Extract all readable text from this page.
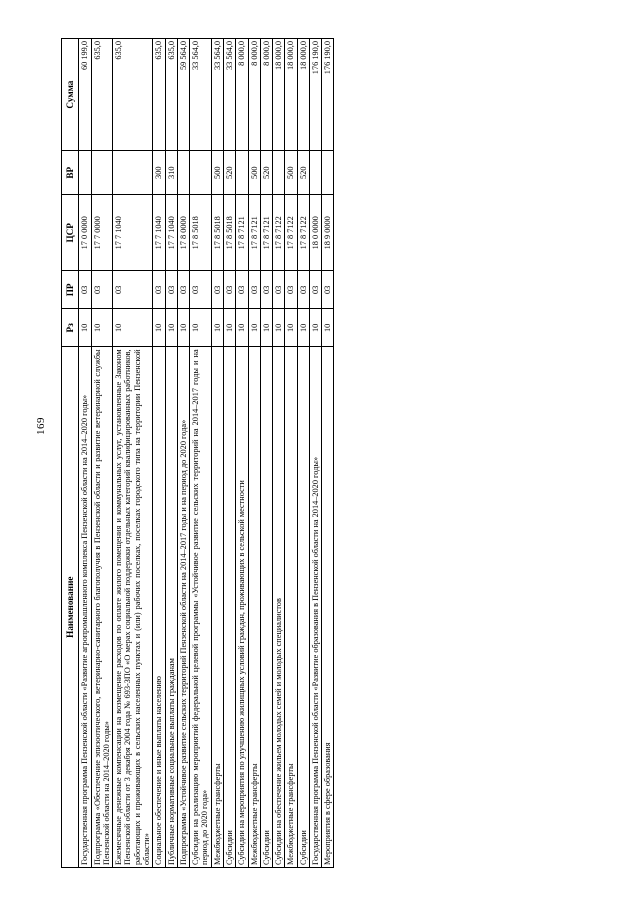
169
Наименование	Рз	ПР	ЦСР	ВР	Сумма
Государственная программа Пензенской области «Развитие агропромышленного комплекса Пензенской области на 2014–2020 годы»	10	03	17 0 0000		60 199,0
Подпрограмма «Обеспечение эпизоотического, ветеринарно-санитарного благополучия в Пензенской области и развитие ветеринарной службы Пензенской области на 2014–2020 годы»	10	03	17 7 0000		635,0
Ежемесячные денежные компенсации на возмещение расходов по оплате жилого помещения и коммунальных услуг, установленные Законом Пензенской области от 3 декабря 2004 года № 693-ЗПО «О мерах социальной поддержки отдельных категорий квалифицированных работников, работающих и проживающих в сельских населенных пунктах и (или) рабочих поселках, поселках городского типа на территории Пензенской области»	10	03	17 7 1040		635,0
Социальное обеспечение и иные выплаты населению	10	03	17 7 1040	300	635,0
Публичные нормативные социальные выплаты гражданам	10	03	17 7 1040	310	635,0
Подпрограмма «Устойчивое развитие сельских территорий Пензенской области на 2014–2017 годы и на период до 2020 года»	10	03	17 8 0000		59 564,0
Субсидии на реализацию мероприятий федеральной целевой программы «Устойчивое развитие сельских территорий на 2014–2017 годы и на период до 2020 года»	10	03	17 8 5018		33 564,0
Межбюджетные трансферты	10	03	17 8 5018	500	33 564,0
Субсидии	10	03	17 8 5018	520	33 564,0
Субсидии на мероприятия по улучшению жилищных условий граждан, проживающих в сельской местности	10	03	17 8 7121		8 000,0
Межбюджетные трансферты	10	03	17 8 7121	500	8 000,0
Субсидии	10	03	17 8 7121	520	8 000,0
Субсидии на обеспечение жильем молодых семей и молодых специалистов	10	03	17 8 7122		18 000,0
Межбюджетные трансферты	10	03	17 8 7122	500	18 000,0
Субсидии	10	03	17 8 7122	520	18 000,0
Государственная программа Пензенской области «Развитие образования в Пензенской области на 2014–2020 годы»	10	03	18 0 0000		176 190,0
Мероприятия в сфере образования	10	03	18 9 0000		176 190,0
